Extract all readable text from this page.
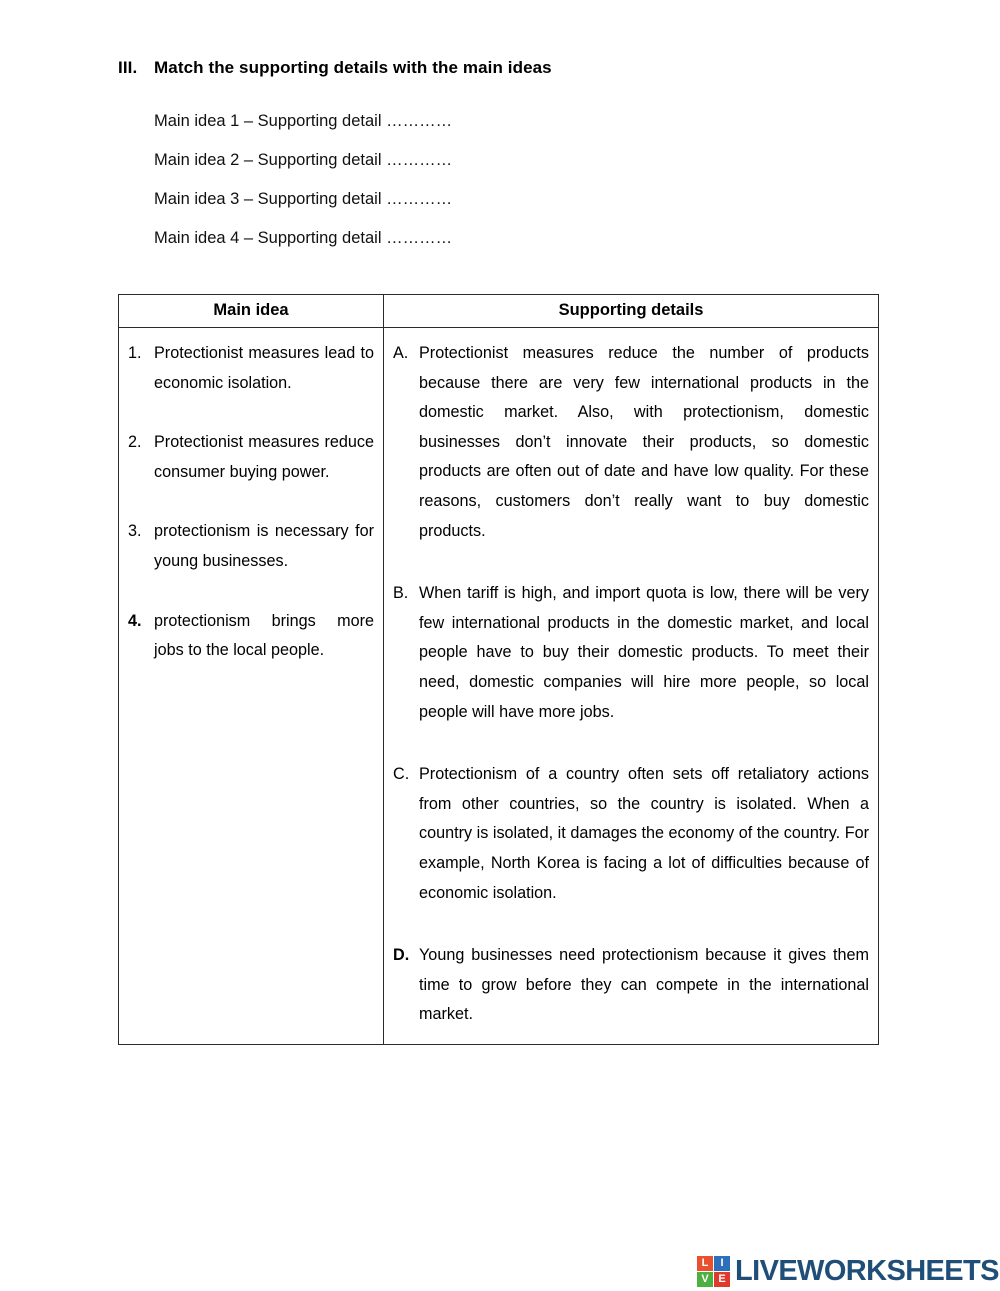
III. Match the supporting details with the main ideas
Main idea 1 – Supporting detail …………
Main idea 2 – Supporting detail …………
Main idea 3 – Supporting detail …………
Main idea 4 – Supporting detail …………
Main idea	Supporting details

1. Protectionist measures lead to economic isolation.
2. Protectionist measures reduce consumer buying power.
3. protectionism is necessary for young businesses.
4. protectionism brings more jobs to the local people.

A. Protectionist measures reduce the number of products because there are very few international products in the domestic market. Also, with protectionism, domestic businesses don’t innovate their products, so domestic products are often out of date and have low quality. For these reasons, customers don’t really want to buy domestic products.
B. When tariff is high, and import quota is low, there will be very few international products in the domestic market, and local people have to buy their domestic products. To meet their need, domestic companies will hire more people, so local people will have more jobs.
C. Protectionism of a country often sets off retaliatory actions from other countries, so the country is isolated. When a country is isolated, it damages the economy of the country. For example, North Korea is facing a lot of difficulties because of economic isolation.
D. Young businesses need protectionism because it gives them time to grow before they can compete in the international market.
L	I
V E LIVEWORKSHEETS
